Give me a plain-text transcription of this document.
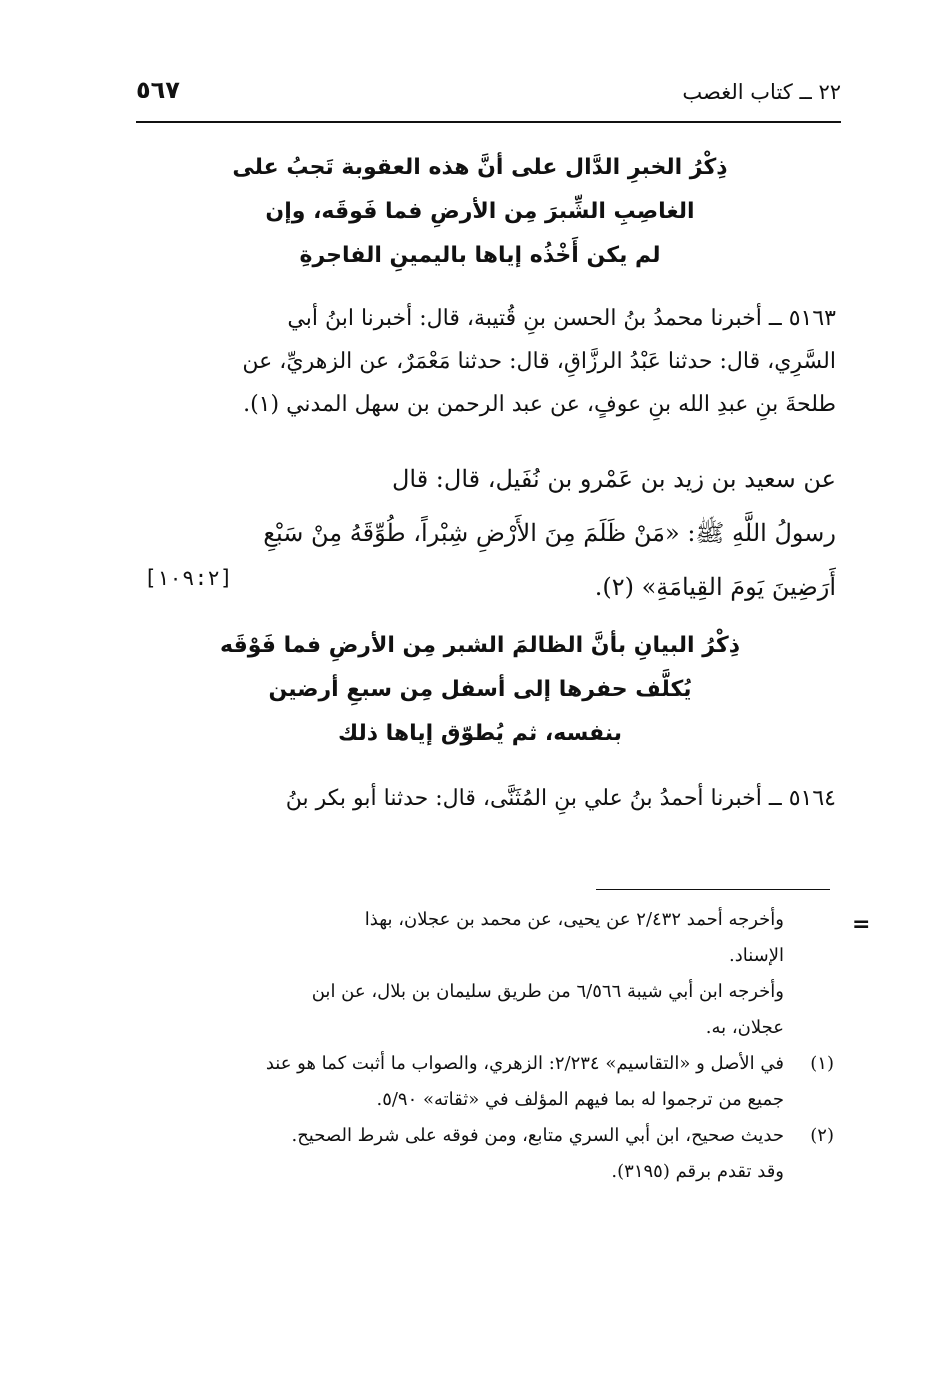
٢٢ ــ كتاب الغصب
٥٦٧
ذِكْرُ الخبرِ الدَّال على أنَّ هذه العقوبة تَجبُ على
الغاصِبِ الشِّبرَ مِن الأرضِ فما فَوقَه، وإن
لم يكن أَخْذُه إياها باليمينِ الفاجرةِ
٥١٦٣ ــ أخبرنا محمدُ بنُ الحسن بنِ قُتيبة، قال: أخبرنا ابنُ أبي
السَّرِي، قال: حدثنا عَبْدُ الرزَّاقِ، قال: حدثنا مَعْمَرٌ، عن الزهريِّ، عن
طلحةَ بنِ عبدِ الله بنِ عوفٍ، عن عبد الرحمن بن سهل المدني (١).
عن سعيد بن زيد بن عَمْرو بن نُفَيل، قال: قال
رسولُ اللَّهِ ﷺ: «مَنْ ظَلَمَ مِنَ الأَرْضِ شِبْراً، طُوِّقَهُ مِنْ سَبْعِ
أَرَضِينَ يَومَ القِيامَةِ» (٢).
[١٠٩:٢]
ذِكْرُ البيانِ بأنَّ الظالمَ الشبر مِن الأرضِ فما فَوْقَه
يُكلَّف حفرها إلى أسفل مِن سبعِ أرضين
بنفسه، ثم يُطوّق إياها ذلك
٥١٦٤ ــ أخبرنا أحمدُ بنُ علي بنِ المُثَنَّى، قال: حدثنا أبو بكر بنُ
=
وأخرجه أحمد ٢/٤٣٢ عن يحيى، عن محمد بن عجلان، بهذا
الإسناد.
وأخرجه ابن أبي شيبة ٦/٥٦٦ من طريق سليمان بن بلال، عن ابن
عجلان، به.
(١)في الأصل و «التقاسيم» ٢/٢٣٤: الزهري، والصواب ما أثبت كما هو عند
جميع من ترجموا له بما فيهم المؤلف في «ثقاته» ٥/٩٠.
(٢)حديث صحيح، ابن أبي السري متابع، ومن فوقه على شرط الصحيح.
وقد تقدم برقم (٣١٩٥).
